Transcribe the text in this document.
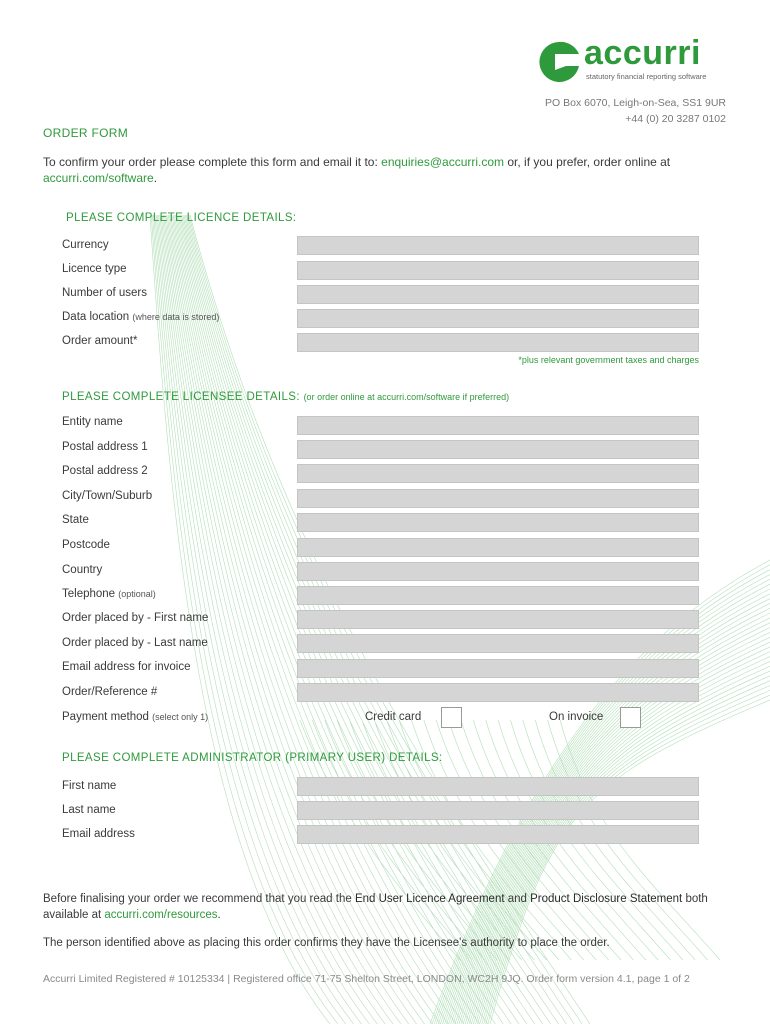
accurri
statutory financial reporting software
PO Box 6070, Leigh-on-Sea, SS1 9UR
+44 (0) 20 3287 0102
ORDER FORM
To confirm your order please complete this form and email it to: enquiries@accurri.com or, if you prefer, order online at accurri.com/software.
PLEASE COMPLETE LICENCE DETAILS:
Currency
Licence type
Number of users
Data location (where data is stored)
Order amount*
*plus relevant government taxes and charges
PLEASE COMPLETE LICENSEE DETAILS: (or order online at accurri.com/software if preferred)
Entity name
Postal address 1
Postal address 2
City/Town/Suburb
State
Postcode
Country
Telephone (optional)
Order placed by - First name
Order placed by - Last name
Email address for invoice
Order/Reference #
Payment method (select only 1)	Credit card	On invoice
PLEASE COMPLETE ADMINISTRATOR (PRIMARY USER) DETAILS:
First name
Last name
Email address
Before finalising your order we recommend that you read the End User Licence Agreement and Product Disclosure Statement both available at accurri.com/resources.
The person identified above as placing this order confirms they have the Licensee's authority to place the order.
Accurri Limited Registered # 10125334 | Registered office 71-75 Shelton Street, LONDON, WC2H 9JQ. Order form version 4.1, page 1 of 2
